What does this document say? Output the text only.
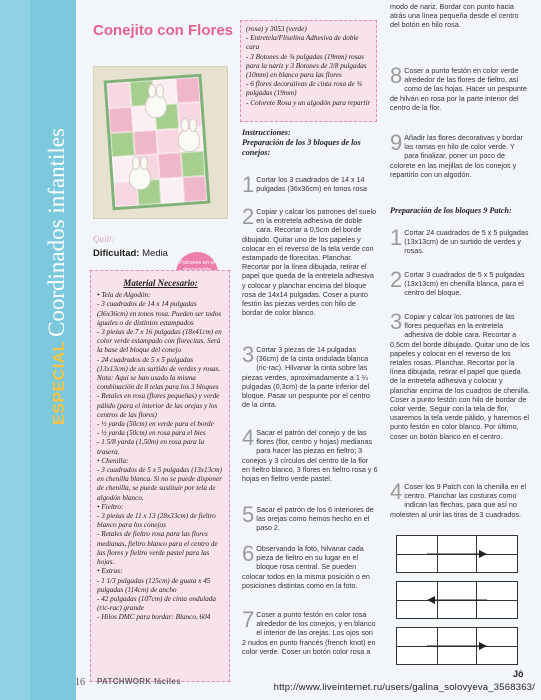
ESPECIALCoordinados infantiles
Conejito con Flores
Quilt:
Dificultad: Media
Patrones en el
Material Necesario:

• Tela de Algodón:

- 3 cuadrados de 14 x 14 pulgadas (36x36cm) en tonos rosa. Pueden ser todos iguales o de distintos estampados

- 3 piezas de 7 x 16 pulgadas (18x41cm) en color verde estampado con florecitas. Será la base del bloque del conejo

- 24 cuadrados de 5 x 5 pulgadas (13x13cm) de un surtido de verdes y rosas.

Nota: Aquí se han usado la misma combinación de 8 telas para los 3 bloques

- Retales en rosa (flores pequeñas) y verde pálido (para el interior de las orejas y los centros de las flores)

- ½ yarda (50cm) en verde para el borde

- ½ yarda (50cm) en rosa para el bies

- 1 5/8 yarda (1,50m) en rosa para la trasera.

• Chenilla:

- 3 cuadrados de 5 x 5 pulgadas (13x13cm) en chenilla blanca. Si no se puede disponer de chenilla, se puede sustituir por tela de algodón blanco.

• Fieltro:

- 3 piezas de 11 x 13 (28x33cm) de fieltro blanco para los conejos

- Retales de fieltro rosa para las flores medianas, fieltro blanco para el centro de las flores y fieltro verde pastel para las hojas.

• Extras:

- 1 1/3 pulgadas (125cm) de guata x 45 pulgadas (114cm) de ancho

- 42 pulgadas (107cm) de cinta ondulada (ric-rac) grande

- Hilos DMC para bordar: Blanco, 604

16 PATCHWORK fáciles

(rosa) y 3053 (verde)

- Entretela/Fliselina Adhesiva de doble cara

- 3 Botones de ¾ pulgadas (19mm) rosas para la nariz y 3 Botones de 3/8 pulgadas (10mm) en blanco para las flores

- 6 flores decorativas de cinta rosa de ¾ pulgadas (19mm)

- Colorete Rosa y un algodón para repartir

Instrucciones:
Preparación de los 3 bloques de los conejos:
1 Cortar los 3 cuadrados de 14 x 14 pulgadas (36x36cm) en tonos rosa
2 Copiar y calcar los patrones del suelo en la entretela adhesiva de doble cara. Recortar a 0,5cm del borde dibujado. Quitar uno de los papeles y colocar en el reverso de la tela verde con estampado de florecitas. Planchar. Recortar por la línea dibujada, retirar el papel que queda de la entretela adhesiva y colocar y planchar encima del bloque rosa de 14x14 pulgadas. Coser a punto festón las piezas verdes con hilo de bordar de color blanco.
3 Cortar 3 piezas de 14 pulgadas (36cm) de la cinta ondulada blanca (ric-rac). Hilvanar la cinta sobre las piezas verdes, aproximadamente a 1 ¼ pulgadas (0,3cm) de la parte inferior del bloque. Pasar un pespunte por el centro de la cinta.
4 Sacar el patrón del conejo y de las flores (flor, centro y hojas) medianas para hacer las piezas en fieltro; 3 conejos y 3 círculos del centro de la flor en fieltro blanco, 3 flores en fieltro rosa y 6 hojas en fieltro verde pastel.
5 Sacar el patrón de los 6 interiores de las orejas como hemos hecho en el paso 2.
6 Observando la foto, hilvanar cada pieza de fieltro en su lugar en el bloque rosa central. Se pueden colocar todos en la misma posición o en posiciones distintas como en la foto.
7 Coser a punto festón en color rosa alrededor de los conejos, y en blanco el interior de las orejas. Los ojos son 2 nudos en punto francés (french knot) en color verde. Coser un botón color rosa a
modo de nariz. Bordar con punto hacia atrás una línea pequeña desde el centro del botón en hilo rosa.
8 Coser a punto festón en color verde alrededor de las flores de fieltro, así como de las hojas. Hacer un pespunte de hilván en rosa por la parte interior del centro de la flor.
9 Añadir las flores decorativas y bordar las ramas en hilo de color verde. Y para finalizar, poner un poco de colorete en las mejillas de los conejos y repartirlo con un algodón.
Preparación de los bloques 9 Patch:
1 Cortar 24 cuadrados de 5 x 5 pulgadas (13x13cm) de un surtido de verdes y rosas.
2 Cortar 3 cuadrados de 5 x 5 pulgadas (13x13cm) en chenilla blanca, para el centro del bloque.
3 Copiar y calcar los patrones de las flores pequeñas en la entretela adhesiva de doble cara. Recortar a 0,5cm del borde dibujado. Quitar uno de los papeles y colocar en el reverso de los retales rosas. Planchar. Recortar por la línea dibujada, retirar el papel que queda de la entretela adhesiva y colocar y planchar encima de los cuadros de chenilla. Coser a punto festón con hilo de bordar de color verde. Seguir con la tela de flor, usaremos la tela verde pálido, y haremos el punto festón en color blanco. Por último, coser un botón blanco en el centro.
4 Coser los 9 Patch con la chenilla en el centro. Planchar las costuras como indican las flechas, para que así no molesten al unir las tiras de 3 cuadrados.
Jô
http://www.liveinternet.ru/users/galina_solovyeva_3568363/
